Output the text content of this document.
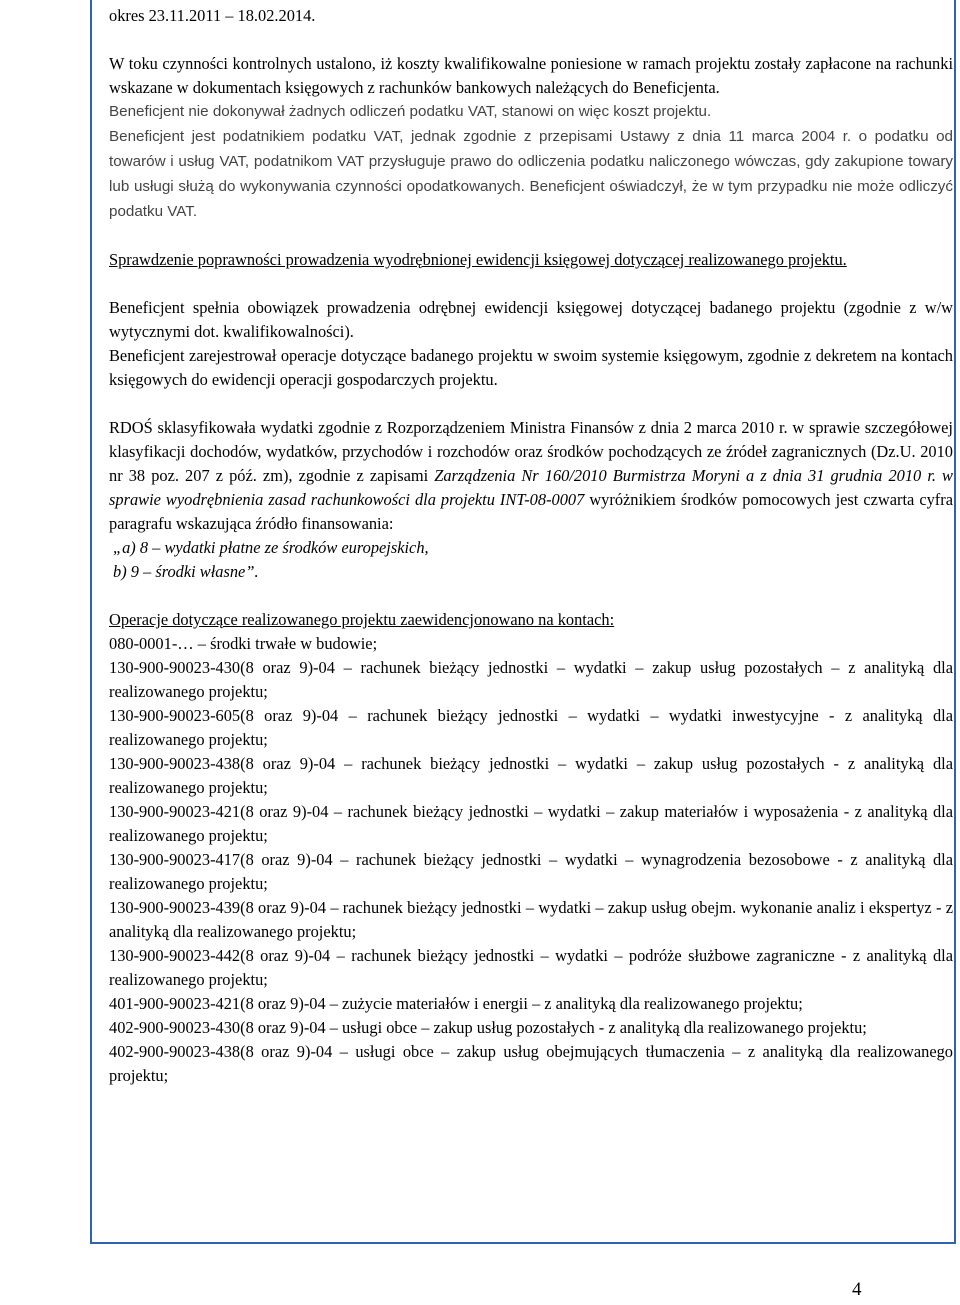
okres 23.11.2011 – 18.02.2014.

W toku czynności kontrolnych ustalono, iż koszty kwalifikowalne poniesione w ramach projektu zostały zapłacone na rachunki wskazane w dokumentach księgowych z rachunków bankowych należących do Beneficjenta.

Beneficjent nie dokonywał żadnych odliczeń podatku VAT, stanowi on więc koszt projektu.

Beneficjent jest podatnikiem podatku VAT, jednak zgodnie z przepisami Ustawy z dnia 11 marca 2004 r. o podatku od towarów i usług VAT, podatnikom VAT przysługuje prawo do odliczenia podatku naliczonego wówczas, gdy zakupione towary lub usługi służą do wykonywania czynności opodatkowanych. Beneficjent oświadczył, że w tym przypadku nie może odliczyć podatku VAT.

Sprawdzenie poprawności prowadzenia wyodrębnionej ewidencji księgowej dotyczącej realizowanego projektu.

Beneficjent spełnia obowiązek prowadzenia odrębnej ewidencji księgowej dotyczącej badanego projektu (zgodnie z w/w wytycznymi dot. kwalifikowalności).

Beneficjent zarejestrował operacje dotyczące badanego projektu w swoim systemie księgowym, zgodnie z dekretem na kontach księgowych do ewidencji operacji gospodarczych projektu.

RDOŚ sklasyfikowała wydatki zgodnie z Rozporządzeniem Ministra Finansów z dnia 2 marca 2010 r. w sprawie szczegółowej klasyfikacji dochodów, wydatków, przychodów i rozchodów oraz środków pochodzących ze źródeł zagranicznych (Dz.U. 2010 nr 38 poz. 207 z póź. zm), zgodnie z zapisami Zarządzenia Nr 160/2010 Burmistrza Moryni a z dnia 31 grudnia 2010 r. w sprawie wyodrębnienia zasad rachunkowości dla projektu INT-08-0007 wyróżnikiem środków pomocowych jest czwarta cyfra paragrafu wskazująca źródło finansowania:

„a) 8 – wydatki płatne ze środków europejskich,

b) 9 – środki własne”.

Operacje dotyczące realizowanego projektu zaewidencjonowano na kontach:

080-0001-… – środki trwałe w budowie;

130-900-90023-430(8 oraz 9)-04 – rachunek bieżący jednostki – wydatki – zakup usług pozostałych – z analityką dla realizowanego projektu;

130-900-90023-605(8 oraz 9)-04 – rachunek bieżący jednostki – wydatki – wydatki inwestycyjne - z analityką dla realizowanego projektu;

130-900-90023-438(8 oraz 9)-04 – rachunek bieżący jednostki – wydatki – zakup usług pozostałych - z analityką dla realizowanego projektu;

130-900-90023-421(8 oraz 9)-04 – rachunek bieżący jednostki – wydatki – zakup materiałów i wyposażenia - z analityką dla realizowanego projektu;

130-900-90023-417(8 oraz 9)-04 – rachunek bieżący jednostki – wydatki – wynagrodzenia bezosobowe - z analityką dla realizowanego projektu;

130-900-90023-439(8 oraz 9)-04 – rachunek bieżący jednostki – wydatki – zakup usług obejm. wykonanie analiz i ekspertyz - z analityką dla realizowanego projektu;

130-900-90023-442(8 oraz 9)-04 – rachunek bieżący jednostki – wydatki – podróże służbowe zagraniczne - z analityką dla realizowanego projektu;

401-900-90023-421(8 oraz 9)-04 – zużycie materiałów i energii – z analityką dla realizowanego projektu;

402-900-90023-430(8 oraz 9)-04 – usługi obce – zakup usług pozostałych - z analityką dla realizowanego projektu;

402-900-90023-438(8 oraz 9)-04 – usługi obce – zakup usług obejmujących tłumaczenia – z analityką dla realizowanego projektu;

4
